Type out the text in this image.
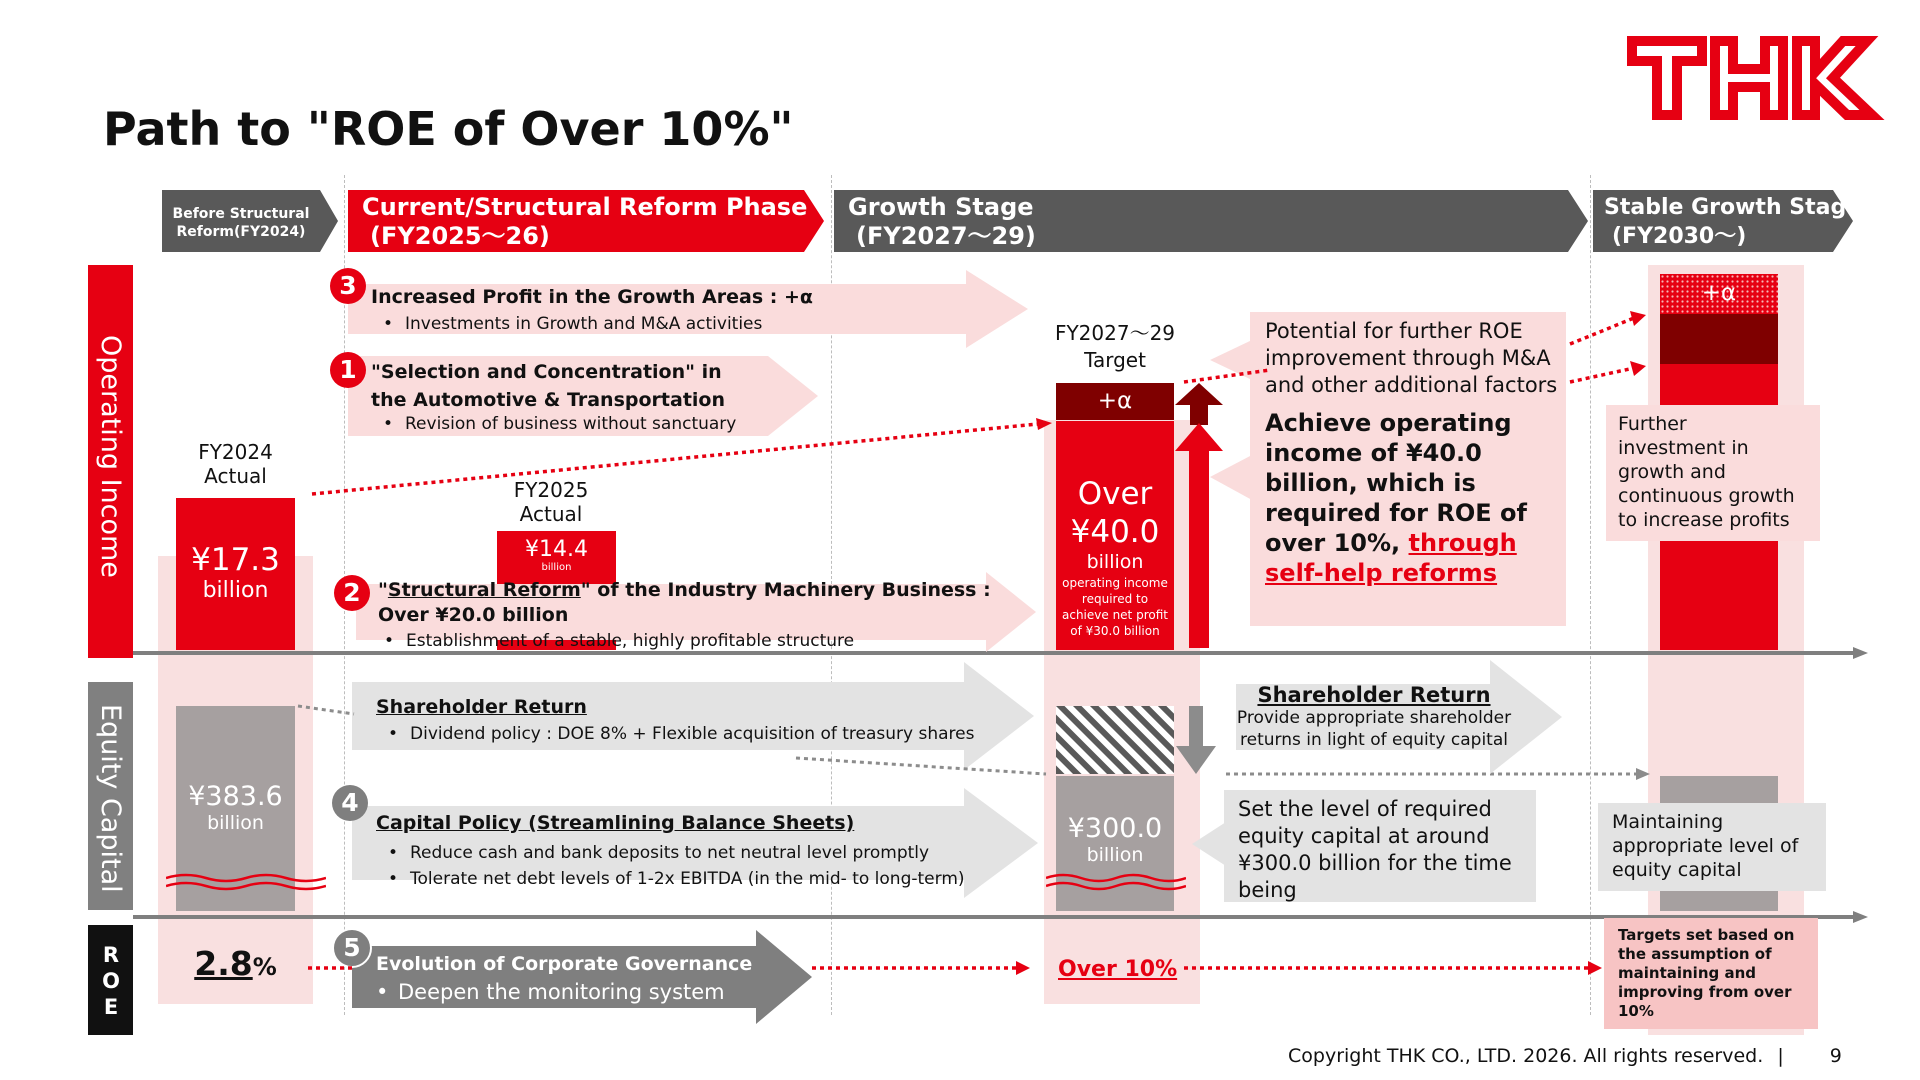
Path to "ROE of Over 10%"
Before Structural
Reform(FY2024)
Current/Structural Reform Phase
(FY2025～26)
Growth Stage
(FY2027～29)
Stable Growth Stage
(FY2030～)
Operating Income
Equity Capital
ROE
FY2024
Actual
¥17.3
billion
¥383.6
billion
2.8%
FY2025
Actual
¥14.4
billion
3 Increased Profit in the Growth Areas : +α
• Investments in Growth and M&A activities
1 "Selection and Concentration" in
the Automotive & Transportation
• Revision of business without sanctuary
2 "Structural Reform" of the Industry Machinery Business :
Over ¥20.0 billion
• Establishment of a stable, highly profitable structure
FY2027～29
Target
+α
Over
¥40.0
billion
operating income
required to
achieve net profit
of ¥30.0 billion
¥300.0
billion
Over 10%
Shareholder Return
• Dividend policy : DOE 8% + Flexible acquisition of treasury shares
4
Capital Policy (Streamlining Balance Sheets)
• Reduce cash and bank deposits to net neutral level promptly
• Tolerate net debt levels of 1-2x EBITDA (in the mid- to long-term)
5
Evolution of Corporate Governance
• Deepen the monitoring system
Potential for further ROE
improvement through M&A
and other additional factors
Achieve operating
income of ¥40.0
billion, which is
required for ROE of
over 10%, through
self-help reforms
Shareholder Return
Provide appropriate shareholder
returns in light of equity capital
Set the level of required
equity capital at around
¥300.0 billion for the time
being
+α
Further
investment in
growth and
continuous growth
to increase profits
Maintaining
appropriate level of
equity capital
Targets set based on
the assumption of
maintaining and
improving from over
10%
Copyright THK CO., LTD. 2026. All rights reserved. | 9
